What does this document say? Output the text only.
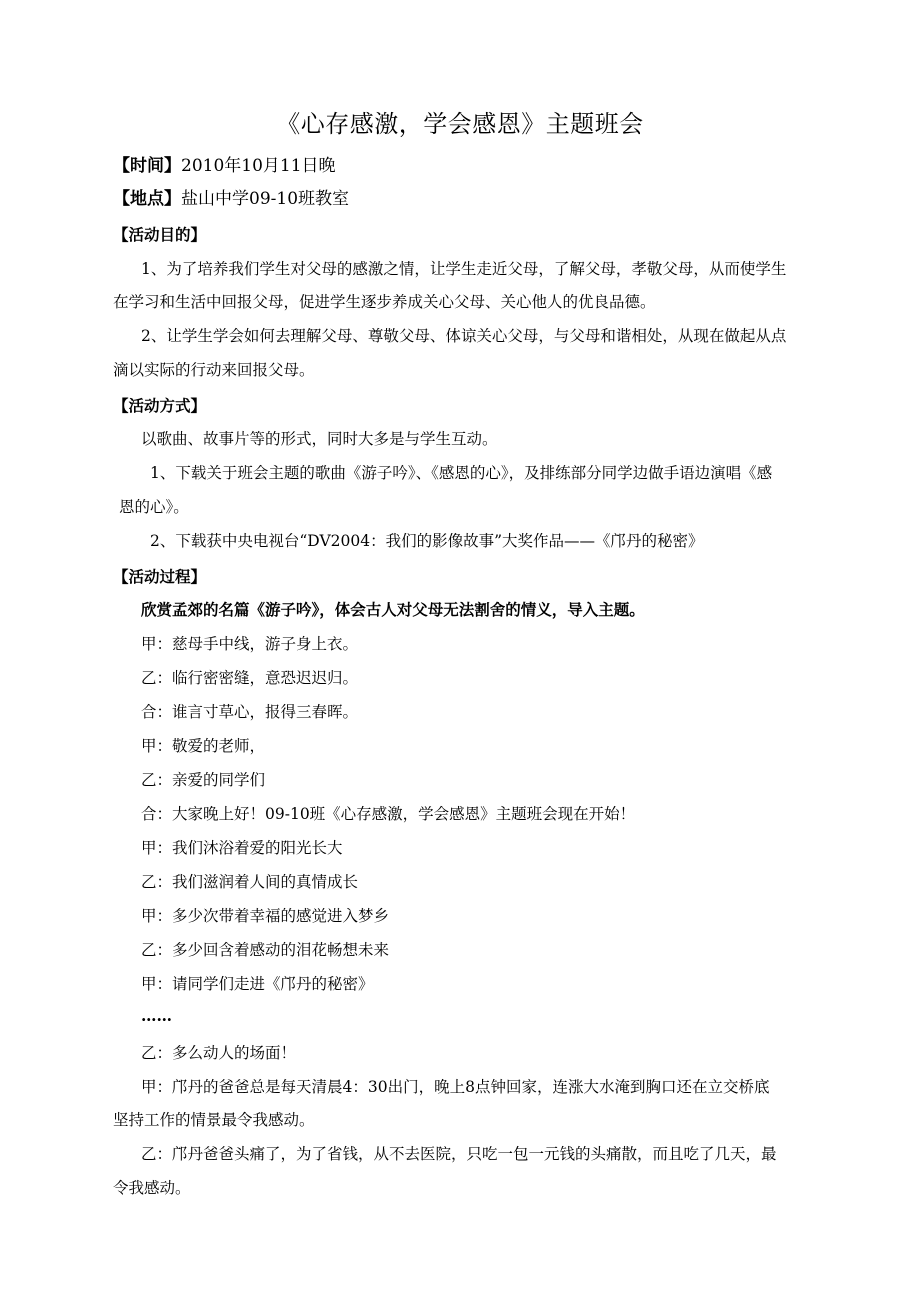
《心存感激，学会感恩》主题班会
【时间】2010年10月11日晚
【地点】盐山中学09-10班教室
【活动目的】
1、为了培养我们学生对父母的感激之情，让学生走近父母，了解父母，孝敬父母，从而使学生
在学习和生活中回报父母，促进学生逐步养成关心父母、关心他人的优良品德。
2、让学生学会如何去理解父母、尊敬父母、体谅关心父母，与父母和谐相处，从现在做起从点
滴以实际的行动来回报父母。
【活动方式】
以歌曲、故事片等的形式，同时大多是与学生互动。
1、下载关于班会主题的歌曲《游子吟》、《感恩的心》，及排练部分同学边做手语边演唱《感
恩的心》。
2、下载获中央电视台“DV2004：我们的影像故事”大奖作品——《邝丹的秘密》
【活动过程】
欣赏孟郊的名篇《游子吟》，体会古人对父母无法割舍的情义，导入主题。
甲：慈母手中线，游子身上衣。
乙：临行密密缝，意恐迟迟归。
合：谁言寸草心，报得三春晖。
甲：敬爱的老师，
乙：亲爱的同学们
合：大家晚上好！09-10班《心存感激，学会感恩》主题班会现在开始！
甲：我们沐浴着爱的阳光长大
乙：我们滋润着人间的真情成长
甲：多少次带着幸福的感觉进入梦乡
乙：多少回含着感动的泪花畅想未来
甲：请同学们走进《邝丹的秘密》
……
乙：多么动人的场面！
甲：邝丹的爸爸总是每天清晨4：30出门，晚上8点钟回家，连涨大水淹到胸口还在立交桥底
坚持工作的情景最令我感动。
乙：邝丹爸爸头痛了，为了省钱，从不去医院，只吃一包一元钱的头痛散，而且吃了几天，最
令我感动。
